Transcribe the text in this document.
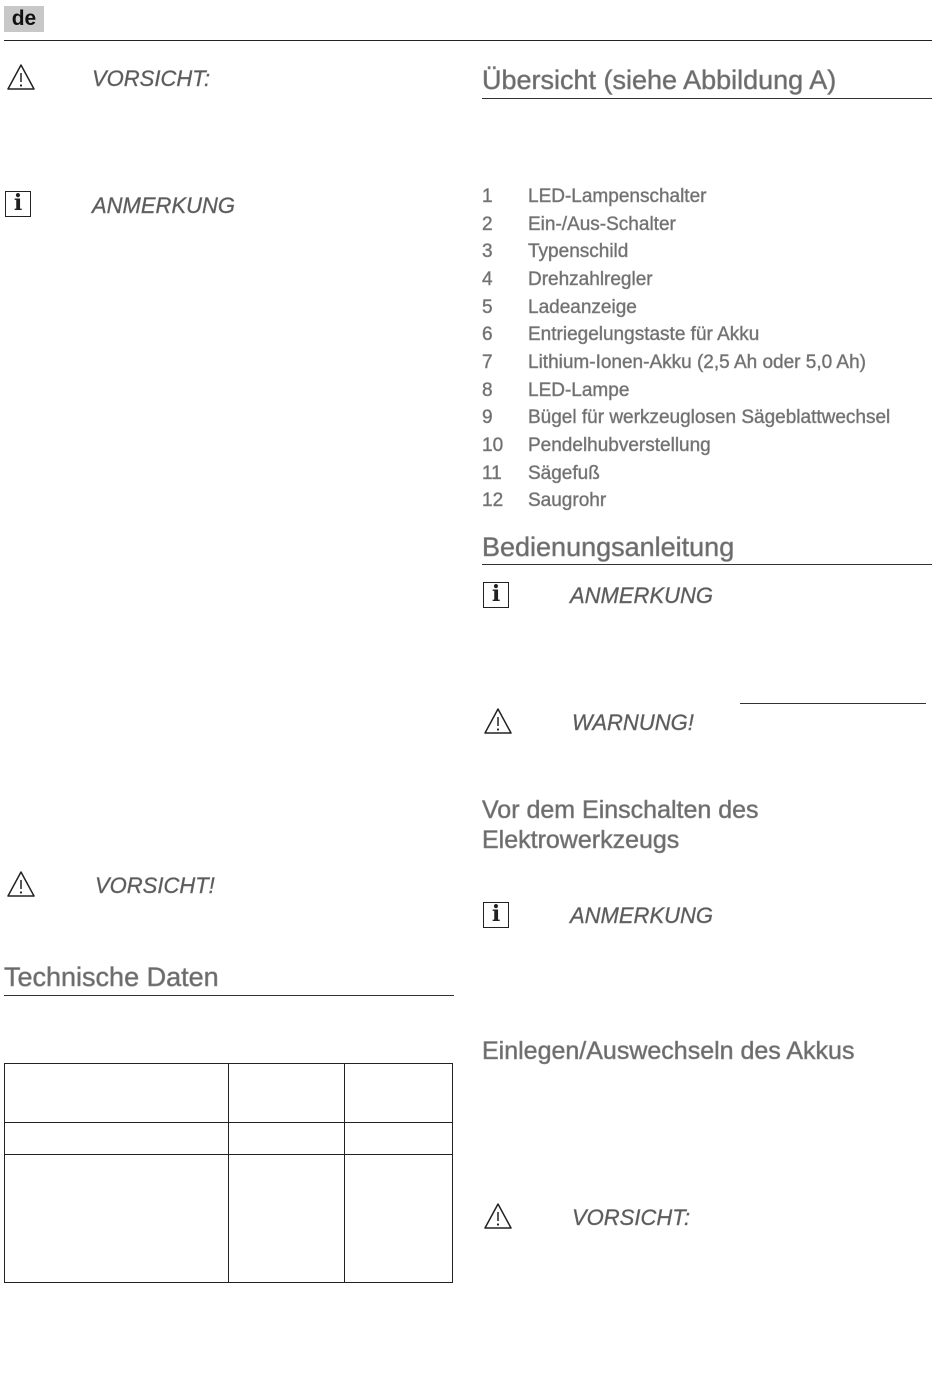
de
VORSICHT:
i	ANMERKUNG
VORSICHT!
Technische Daten
Übersicht (siehe Abbildung A)
1	LED-Lampenschalter
2	Ein-/Aus-Schalter
3	Typenschild
4	Drehzahlregler
5	Ladeanzeige
6	Entriegelungstaste für Akku
7	Lithium-Ionen-Akku (2,5 Ah oder 5,0 Ah)
8	LED-Lampe
9	Bügel für werkzeuglosen Sägeblattwechsel
10	Pendelhubverstellung
11	Sägefuß
12	Saugrohr
Bedienungsanleitung
i	ANMERKUNG
WARNUNG!
Vor dem Einschalten des
Elektrowerkzeugs
i	ANMERKUNG
Einlegen/Auswechseln des Akkus
VORSICHT:
